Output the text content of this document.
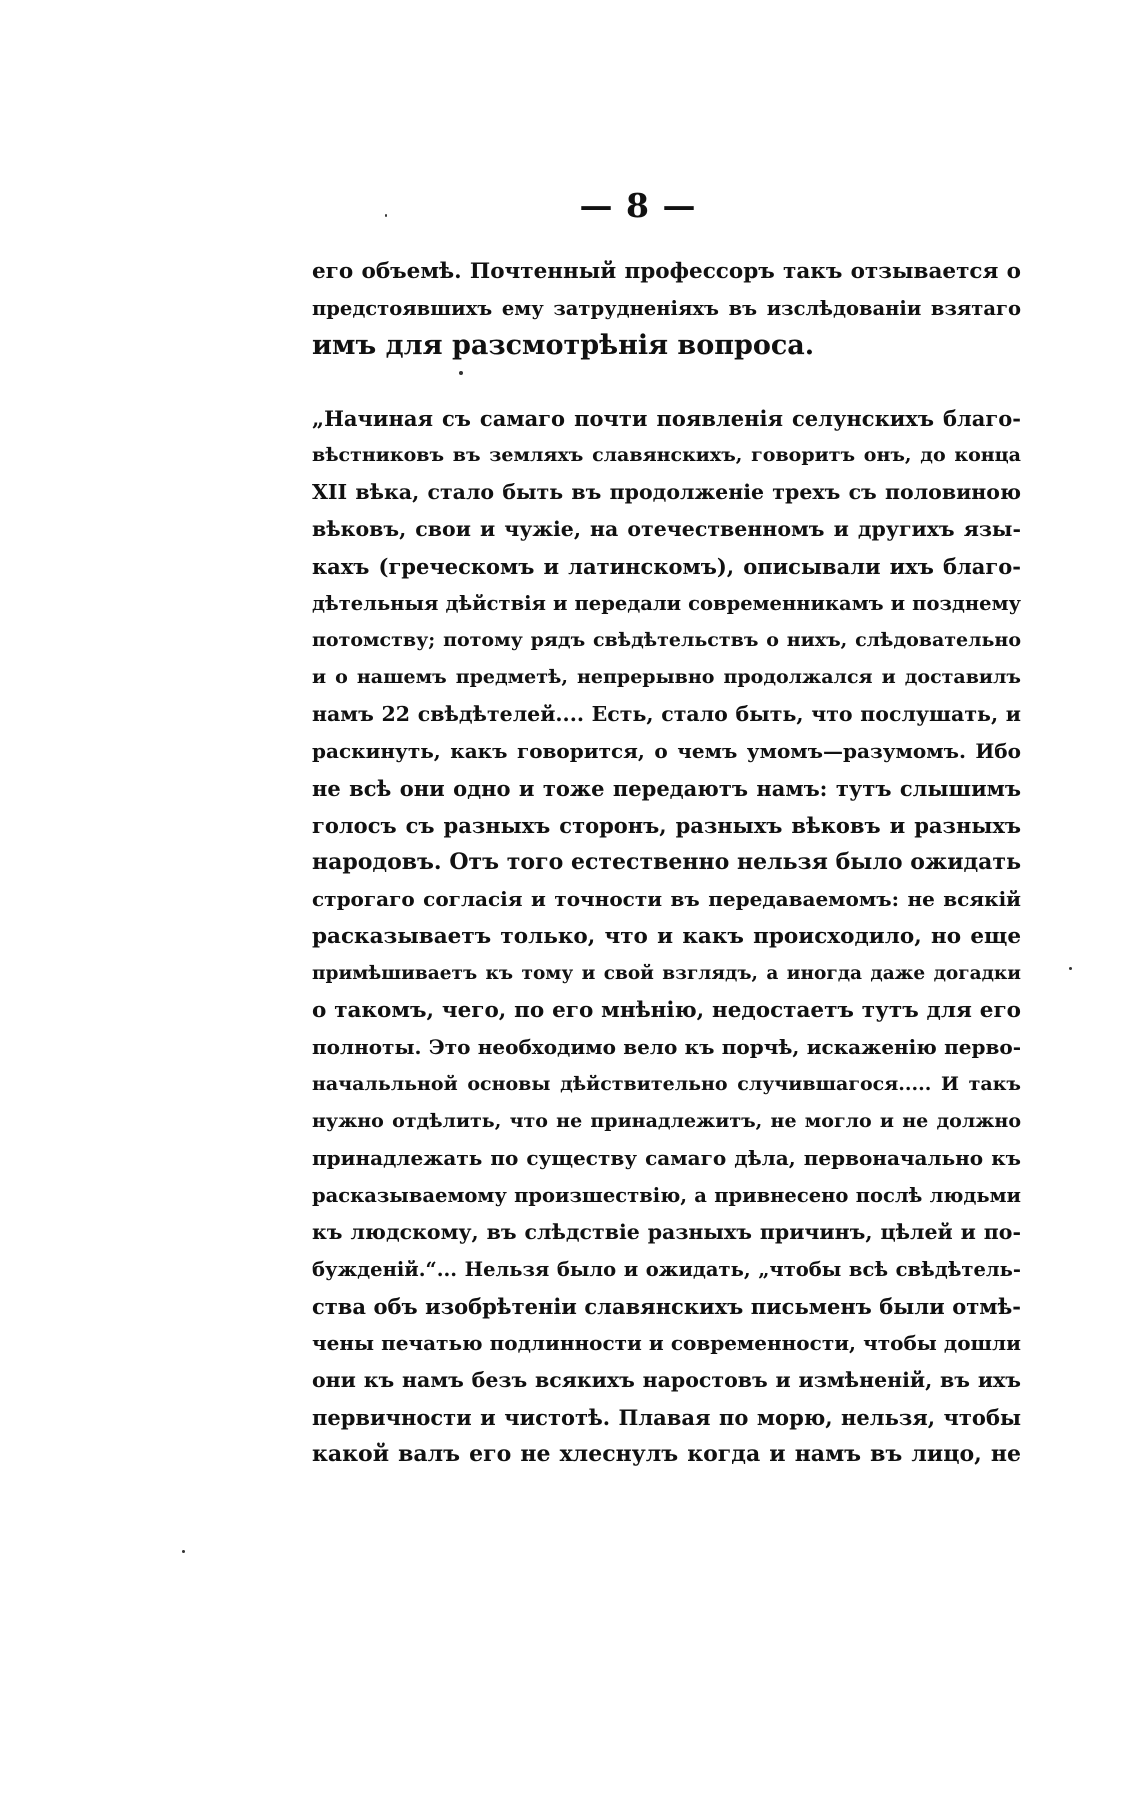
— 8 —
его объемѣ. Почтенный профессоръ такъ отзывается о
предстоявшихъ ему затрудненіяхъ въ изслѣдованіи взятаго
имъ для разсмотрѣнія вопроса.
„Начиная съ самаго почти появленія селунскихъ благо-
вѣстниковъ въ земляхъ славянскихъ, говоритъ онъ, до конца
XII вѣка, стало быть въ продолженіе трехъ съ половиною
вѣковъ, свои и чужіе, на отечественномъ и другихъ язы-
кахъ (греческомъ и латинскомъ), описывали ихъ благо-
дѣтельныя дѣйствія и передали современникамъ и позднему
потомству; потому рядъ свѣдѣтельствъ о нихъ, слѣдовательно
и о нашемъ предметѣ, непрерывно продолжался и доставилъ
намъ 22 свѣдѣтелей.... Есть, стало быть, что послушать, и
раскинуть, какъ говорится, о чемъ умомъ—разумомъ. Ибо
не всѣ они одно и тоже передаютъ намъ: тутъ слышимъ
голосъ съ разныхъ сторонъ, разныхъ вѣковъ и разныхъ
народовъ. Отъ того естественно нельзя было ожидать
строгаго согласія и точности въ передаваемомъ: не всякій
расказываетъ только, что и какъ происходило, но еще
примѣшиваетъ къ тому и свой взглядъ, а иногда даже догадки
о такомъ, чего, по его мнѣнію, недостаетъ тутъ для его
полноты. Это необходимо вело къ порчѣ, искаженію перво-
начальльной основы дѣйствительно случившагося..... И такъ
нужно отдѣлить, что не принадлежитъ, не могло и не должно
принадлежать по существу самаго дѣла, первоначально къ
расказываемому произшествію, а привнесено послѣ людьми
къ людскому, въ слѣдствіе разныхъ причинъ, цѣлей и по-
бужденій.“... Нельзя было и ожидать, „чтобы всѣ свѣдѣтель-
ства объ изобрѣтеніи славянскихъ письменъ были отмѣ-
чены печатью подлинности и современности, чтобы дошли
они къ намъ безъ всякихъ наростовъ и измѣненій, въ ихъ
первичности и чистотѣ. Плавая по морю, нельзя, чтобы
какой валъ его не хлеснулъ когда и намъ въ лицо, не
